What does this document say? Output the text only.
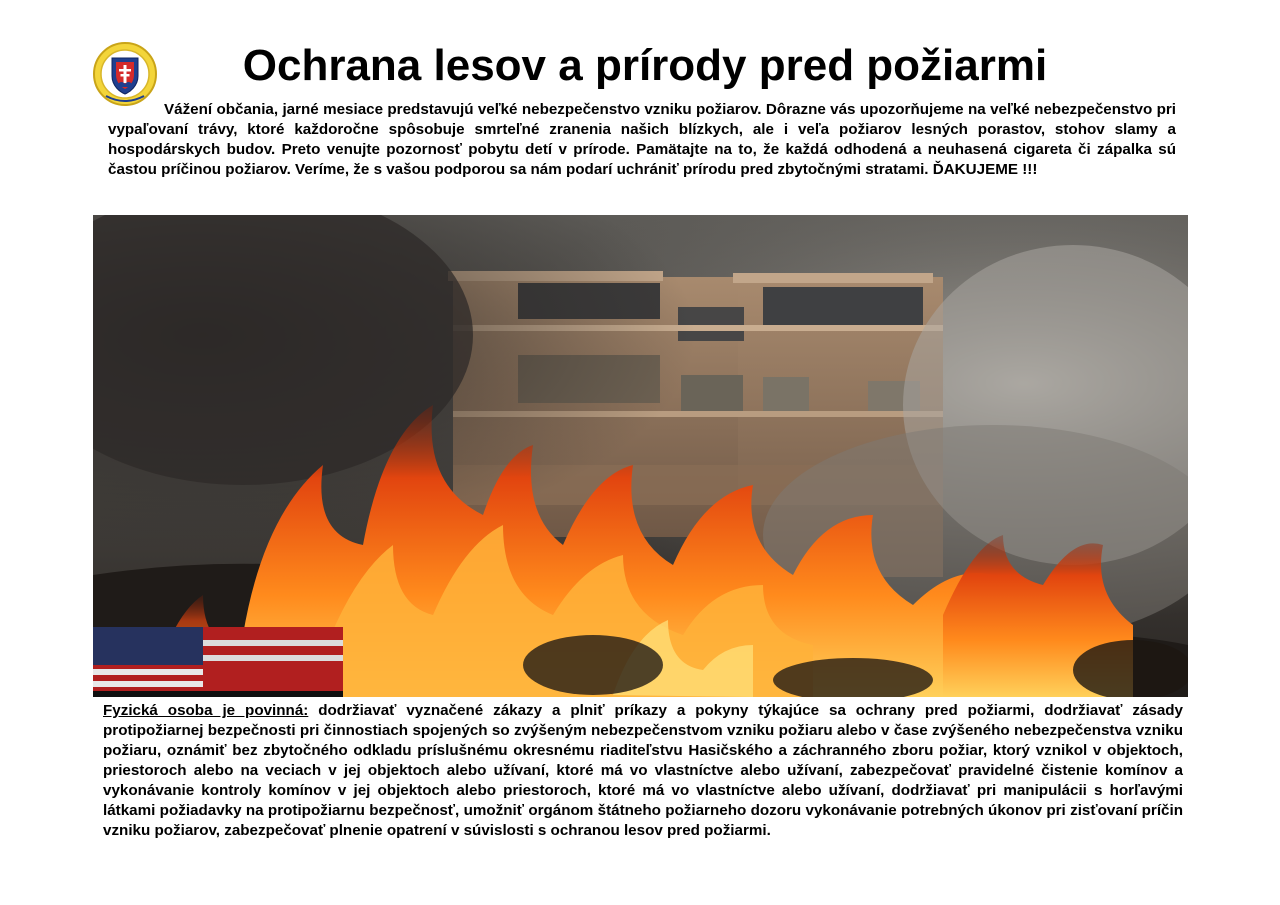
Ochrana lesov a prírody pred požiarmi

Vážení občania, jarné mesiace predstavujú veľké nebezpečenstvo vzniku požiarov. Dôrazne vás upozorňujeme na veľké nebezpečenstvo pri vypaľovaní trávy, ktoré každoročne spôsobuje smrteľné zranenia našich blízkych, ale i veľa požiarov lesných porastov, stohov slamy a hospodárskych budov. Preto venujte pozornosť pobytu detí v prírode. Pamätajte na to, že každá odhodená a neuhasená cigareta či zápalka sú častou príčinou požiarov. Veríme, že s vašou podporou sa nám podarí uchrániť prírodu pred zbytočnými stratami. ĎAKUJEME !!!

Fyzická osoba je povinná: dodržiavať vyznačené zákazy a plniť príkazy a pokyny týkajúce sa ochrany pred požiarmi, dodržiavať zásady protipožiarnej bezpečnosti pri činnostiach spojených so zvýšeným nebezpečenstvom vzniku požiaru alebo v čase zvýšeného nebezpečenstva vzniku požiaru, oznámiť bez zbytočného odkladu príslušnému okresnému riaditeľstvu Hasičského a záchranného zboru požiar, ktorý vznikol v objektoch, priestoroch alebo na veciach v jej objektoch alebo užívaní, ktoré má vo vlastníctve alebo užívaní, zabezpečovať pravidelné čistenie komínov a vykonávanie kontroly komínov v jej objektoch alebo priestoroch, ktoré má vo vlastníctve alebo užívaní, dodržiavať pri manipulácii s horľavými látkami požiadavky na protipožiarnu bezpečnosť, umožniť orgánom štátneho požiarneho dozoru vykonávanie potrebných úkonov pri zisťovaní príčin vzniku požiarov, zabezpečovať plnenie opatrení v súvislosti s ochranou lesov pred požiarmi.
